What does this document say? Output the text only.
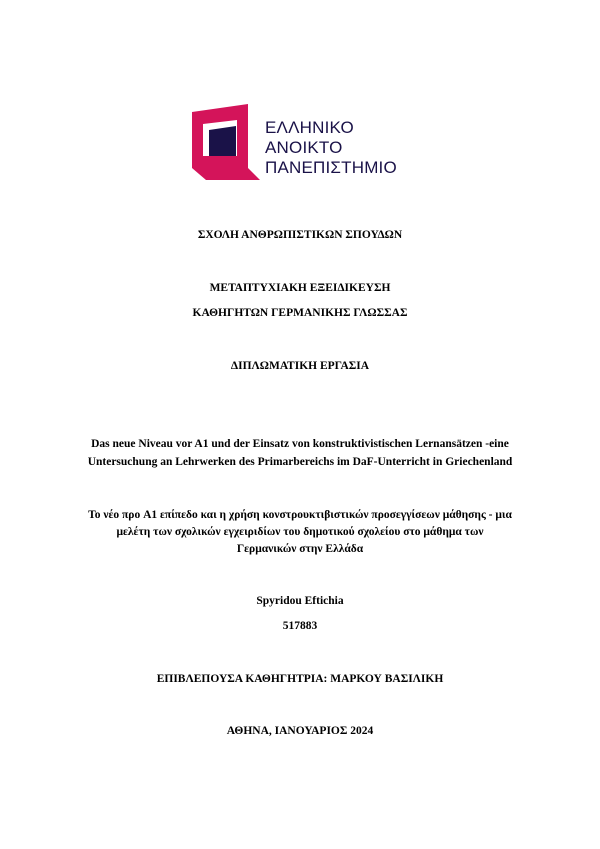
ΕΛΛΗΝΙΚΟ
ΑΝΟΙΚΤΟ
ΠΑΝΕΠΙΣΤΗΜΙΟ
ΣΧΟΛΗ ΑΝΘΡΩΠΙΣΤΙΚΩΝ ΣΠΟΥΔΩΝ
ΜΕΤΑΠΤΥΧΙΑΚΗ ΕΞΕΙΔΙΚΕΥΣΗ
ΚΑΘΗΓΗΤΩΝ ΓΕΡΜΑΝΙΚΗΣ ΓΛΩΣΣΑΣ
ΔΙΠΛΩΜΑΤΙΚΗ ΕΡΓΑΣΙΑ
Das neue Niveau vor A1 und der Einsatz von konstruktivistischen Lernansätzen -eine
Untersuchung an Lehrwerken des Primarbereichs im DaF-Unterricht in Griechenland
Το νέο προ A1 επίπεδο και η χρήση κονστρουκτιβιστικών προσεγγίσεων μάθησης - μια
μελέτη των σχολικών εγχειριδίων του δημοτικού σχολείου στο μάθημα των
Γερμανικών στην Ελλάδα
Spyridou Eftichia
517883
ΕΠΙΒΛΕΠΟΥΣΑ ΚΑΘΗΓΗΤΡΙΑ: ΜΑΡΚΟΥ ΒΑΣΙΛΙΚΗ
ΑΘΗΝΑ, ΙΑΝΟΥΑΡΙΟΣ 2024
